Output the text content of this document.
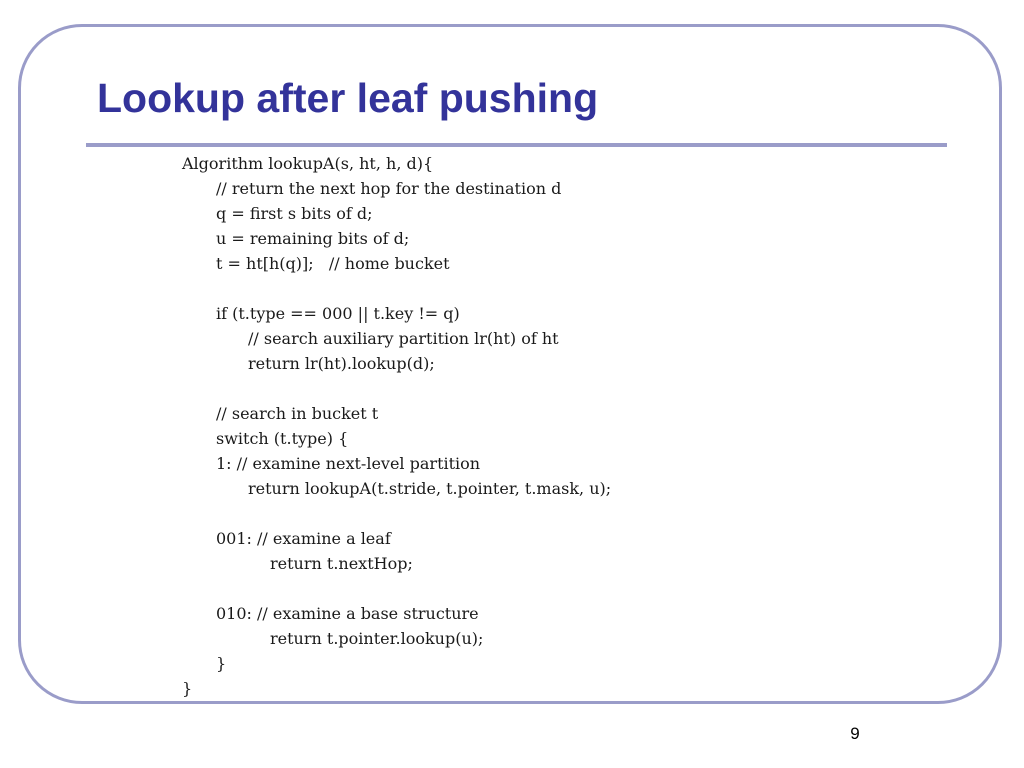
Lookup after leaf pushing
Algorithm lookupA(s, ht, h, d){
// return the next hop for the destination d
q = first s bits of d;
u = remaining bits of d;
t = ht[h(q)];   // home bucket
if (t.type == 000 || t.key != q)
// search auxiliary partition lr(ht) of ht
return lr(ht).lookup(d);
// search in bucket t
switch (t.type) {
1: // examine next-level partition
return lookupA(t.stride, t.pointer, t.mask, u);
001: // examine a leaf
return t.nextHop;
010: // examine a base structure
return t.pointer.lookup(u);
}
}
9
